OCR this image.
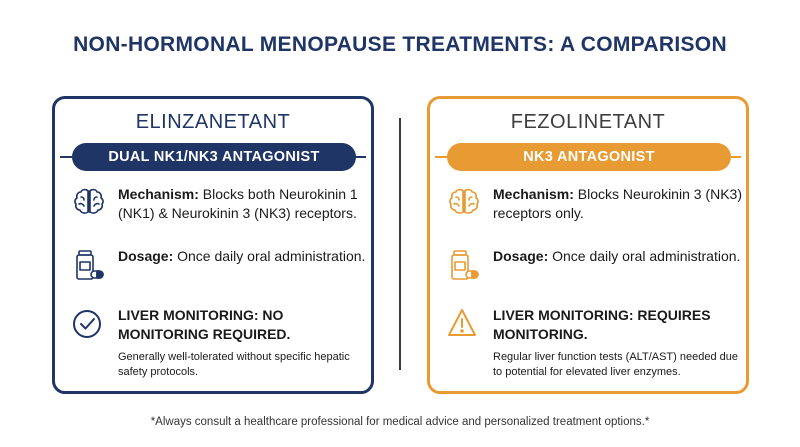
NON-HORMONAL MENOPAUSE TREATMENTS: A COMPARISON
ELINZANETANT
DUAL NK1/NK3 ANTAGONIST
Mechanism: Blocks both Neurokinin 1 (NK1) & Neurokinin 3 (NK3) receptors.
Dosage: Once daily oral administration.
LIVER MONITORING: NO MONITORING REQUIRED.
Generally well-tolerated without specific hepatic safety protocols.
FEZOLINETANT
NK3 ANTAGONIST
Mechanism: Blocks Neurokinin 3 (NK3) receptors only.
Dosage: Once daily oral administration.
LIVER MONITORING: REQUIRES MONITORING.
Regular liver function tests (ALT/AST) needed due to potential for elevated liver enzymes.
*Always consult a healthcare professional for medical advice and personalized treatment options.*
